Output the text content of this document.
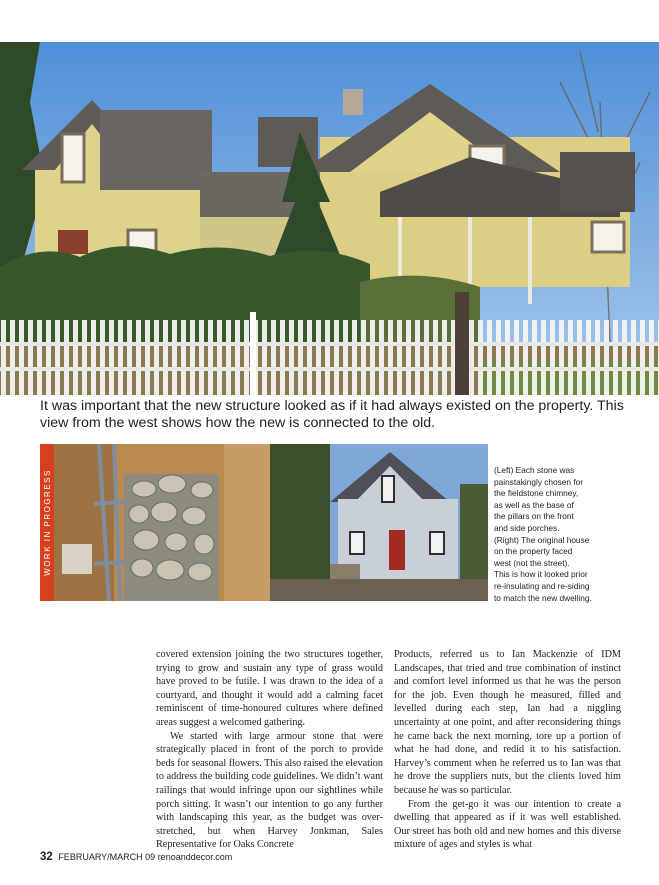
It was important that the new structure looked as if it had always existed on the property. This view from the west shows how the new is connected to the old.
WORK IN PROGRESS	(Left) Each stone was

painstakingly chosen for

the fieldstone chimney,

as well as the base of

the pillars on the front

and side porches.

(Right) The original house

on the property faced

west (not the street).

This is how it looked prior

re-insulating and re-siding

to match the new dwelling.

covered extension joining the two structures together, trying to grow and sustain any type of grass would have proved to be futile. I was drawn to the idea of a courtyard, and thought it would add a calming facet reminiscent of time-honoured cultures where defined areas suggest a welcomed gathering.

We started with large armour stone that were strategically placed in front of the porch to provide beds for seasonal flowers. This also raised the elevation to address the building code guidelines. We didn’t want railings that would infringe upon our sightlines while porch sitting. It wasn’t our intention to go any further with landscaping this year, as the budget was over-stretched, but when Harvey Jonkman, Sales Representative for Oaks Concrete

Products, referred us to Ian Mackenzie of IDM Landscapes, that tried and true combination of instinct and comfort level informed us that he was the person for the job. Even though he measured, filled and levelled during each step, Ian had a niggling uncertainty at one point, and after reconsidering things he came back the next morning, tore up a portion of what he had done, and redid it to his satisfaction. Harvey’s comment when he referred us to Ian was that he drove the suppliers nuts, but the clients loved him because he was so particular.

From the get-go it was our intention to create a dwelling that appeared as if it was well established. Our street has both old and new homes and this diverse mixture of ages and styles is what

32 FEBRUARY/MARCH 09 renoanddecor.com
